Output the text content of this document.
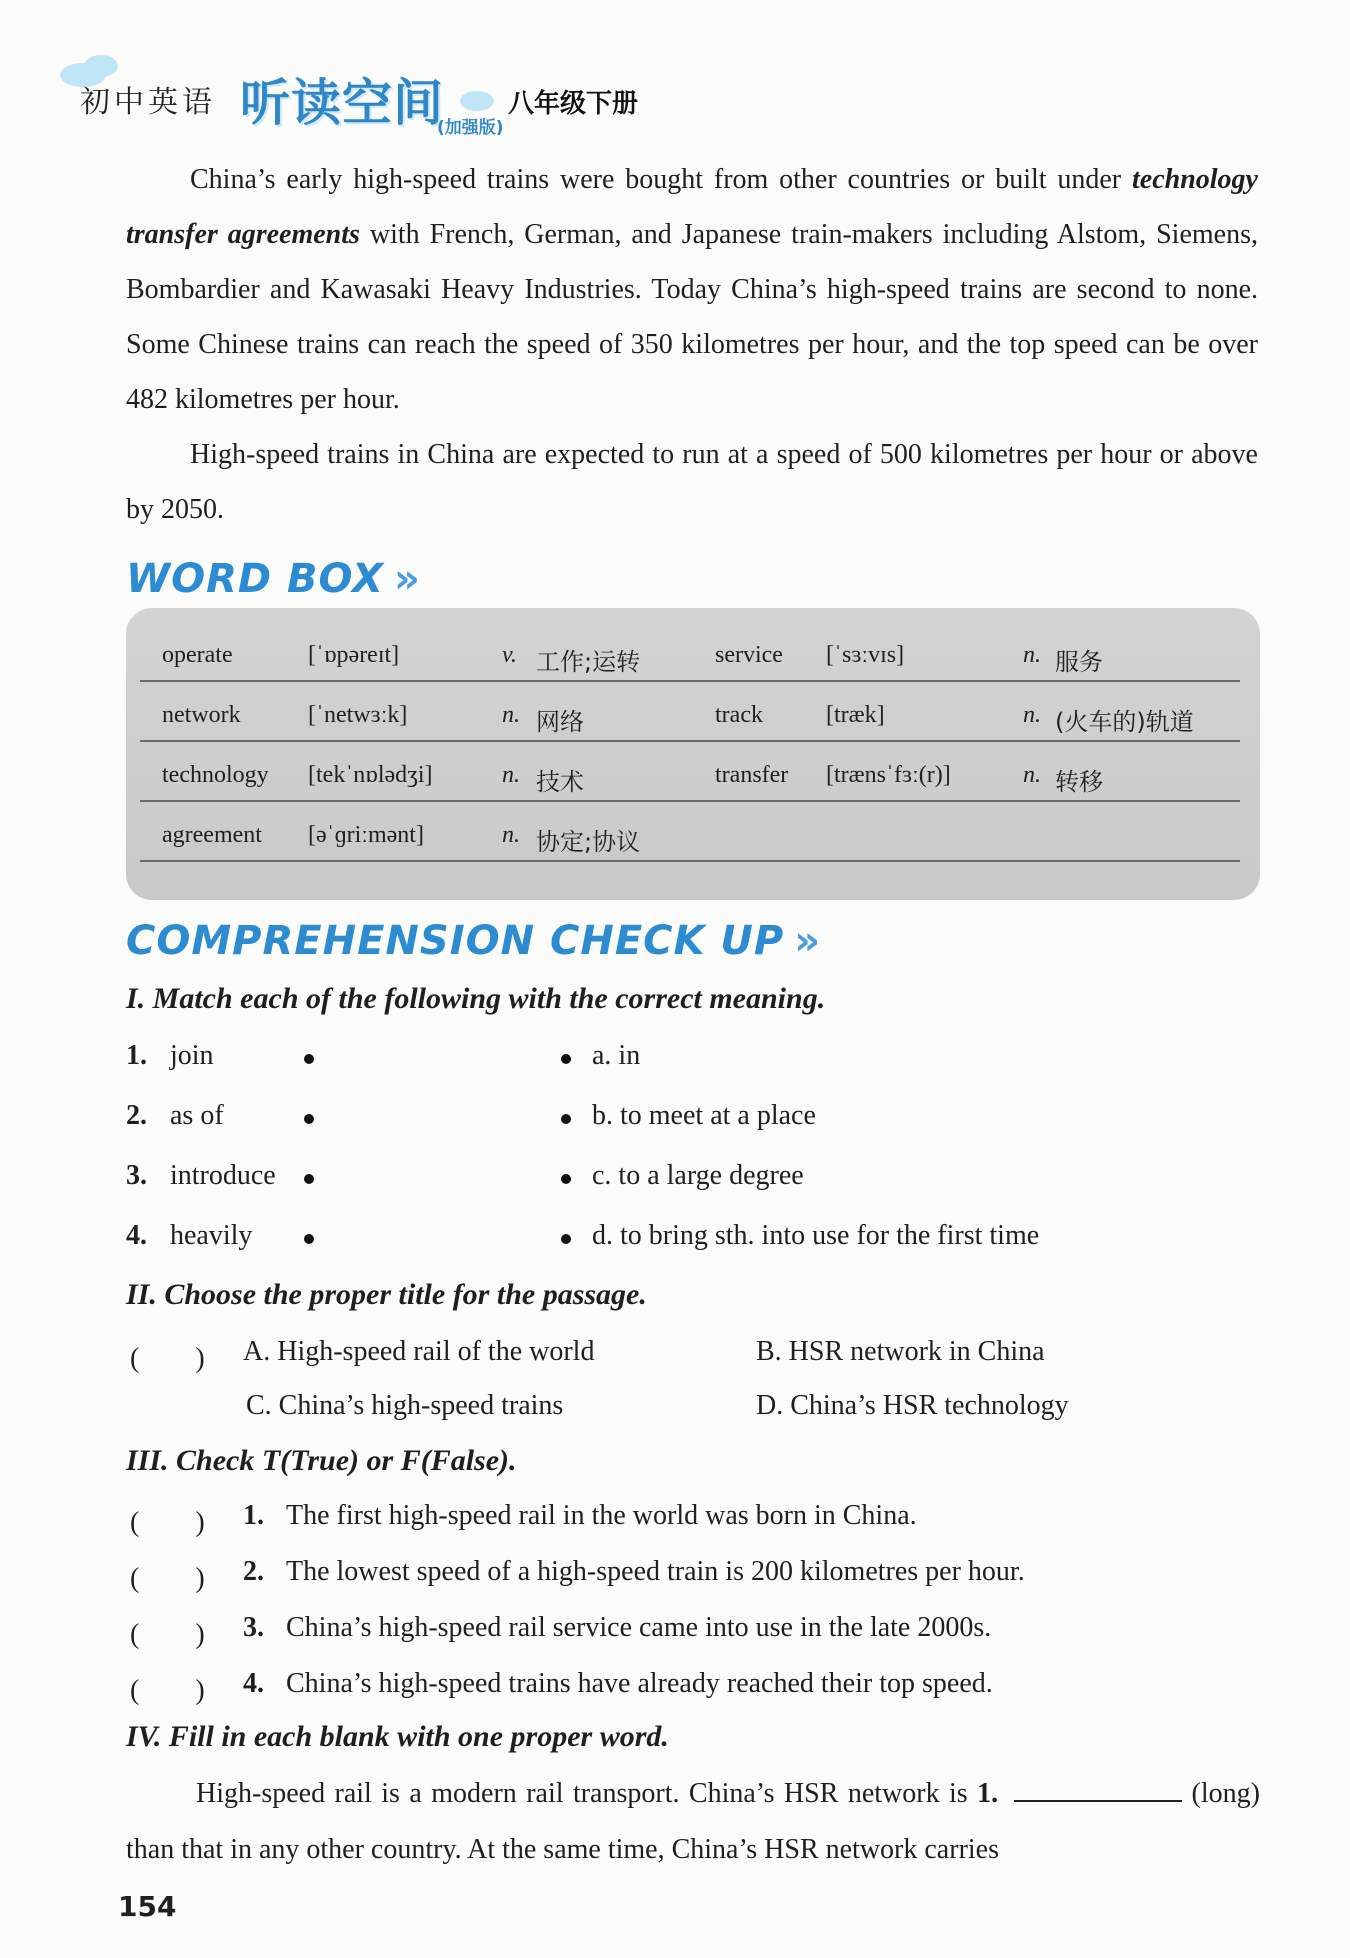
初中英语 听读空间
(加强版)
八年级下册

China’s early high-speed trains were bought from other countries or built under technology transfer agreements with French, German, and Japanese train-makers including Alstom, Siemens, Bombardier and Kawasaki Heavy Industries. Today China’s high-speed trains are second to none. Some Chinese trains can reach the speed of 350 kilometres per hour, and the top speed can be over 482 kilometres per hour.

High-speed trains in China are expected to run at a speed of 500 kilometres per hour or above by 2050.

WORD BOX »
operate	[ˈɒpəreɪt]	v. 工作;运转	service [ˈsɜːvɪs]	n. 服务
network	[ˈnetwɜːk]	n. 网络	track	[træk]	n. (火车的)轨道
technology [tekˈnɒlədʒi]	n. 技术	transfer [trænsˈfɜː(r)]	n. 转移
agreement [əˈɡriːmənt]	n. 协定;协议
COMPREHENSION CHECK UP »
I. Match each of the following with the correct meaning.
1. join	a. in
2. as of	b. to meet at a place
3. introduce	c. to a large degree
4. heavily	d. to bring sth. into use for the first time
II. Choose the proper title for the passage.
(　　) A. High-speed rail of the world	B. HSR network in China
C. China’s high-speed trains	D. China’s HSR technology
III. Check T(True) or F(False).
(　　) 1. The first high-speed rail in the world was born in China.
(　　) 2. The lowest speed of a high-speed train is 200 kilometres per hour.
(　　) 3. China’s high-speed rail service came into use in the late 2000s.
(　　) 4. China’s high-speed trains have already reached their top speed.
IV. Fill in each blank with one proper word.

High-speed rail is a modern rail transport. China’s HSR network is 1.	(long) than that in any other country. At the same time, China’s HSR network carries

154
